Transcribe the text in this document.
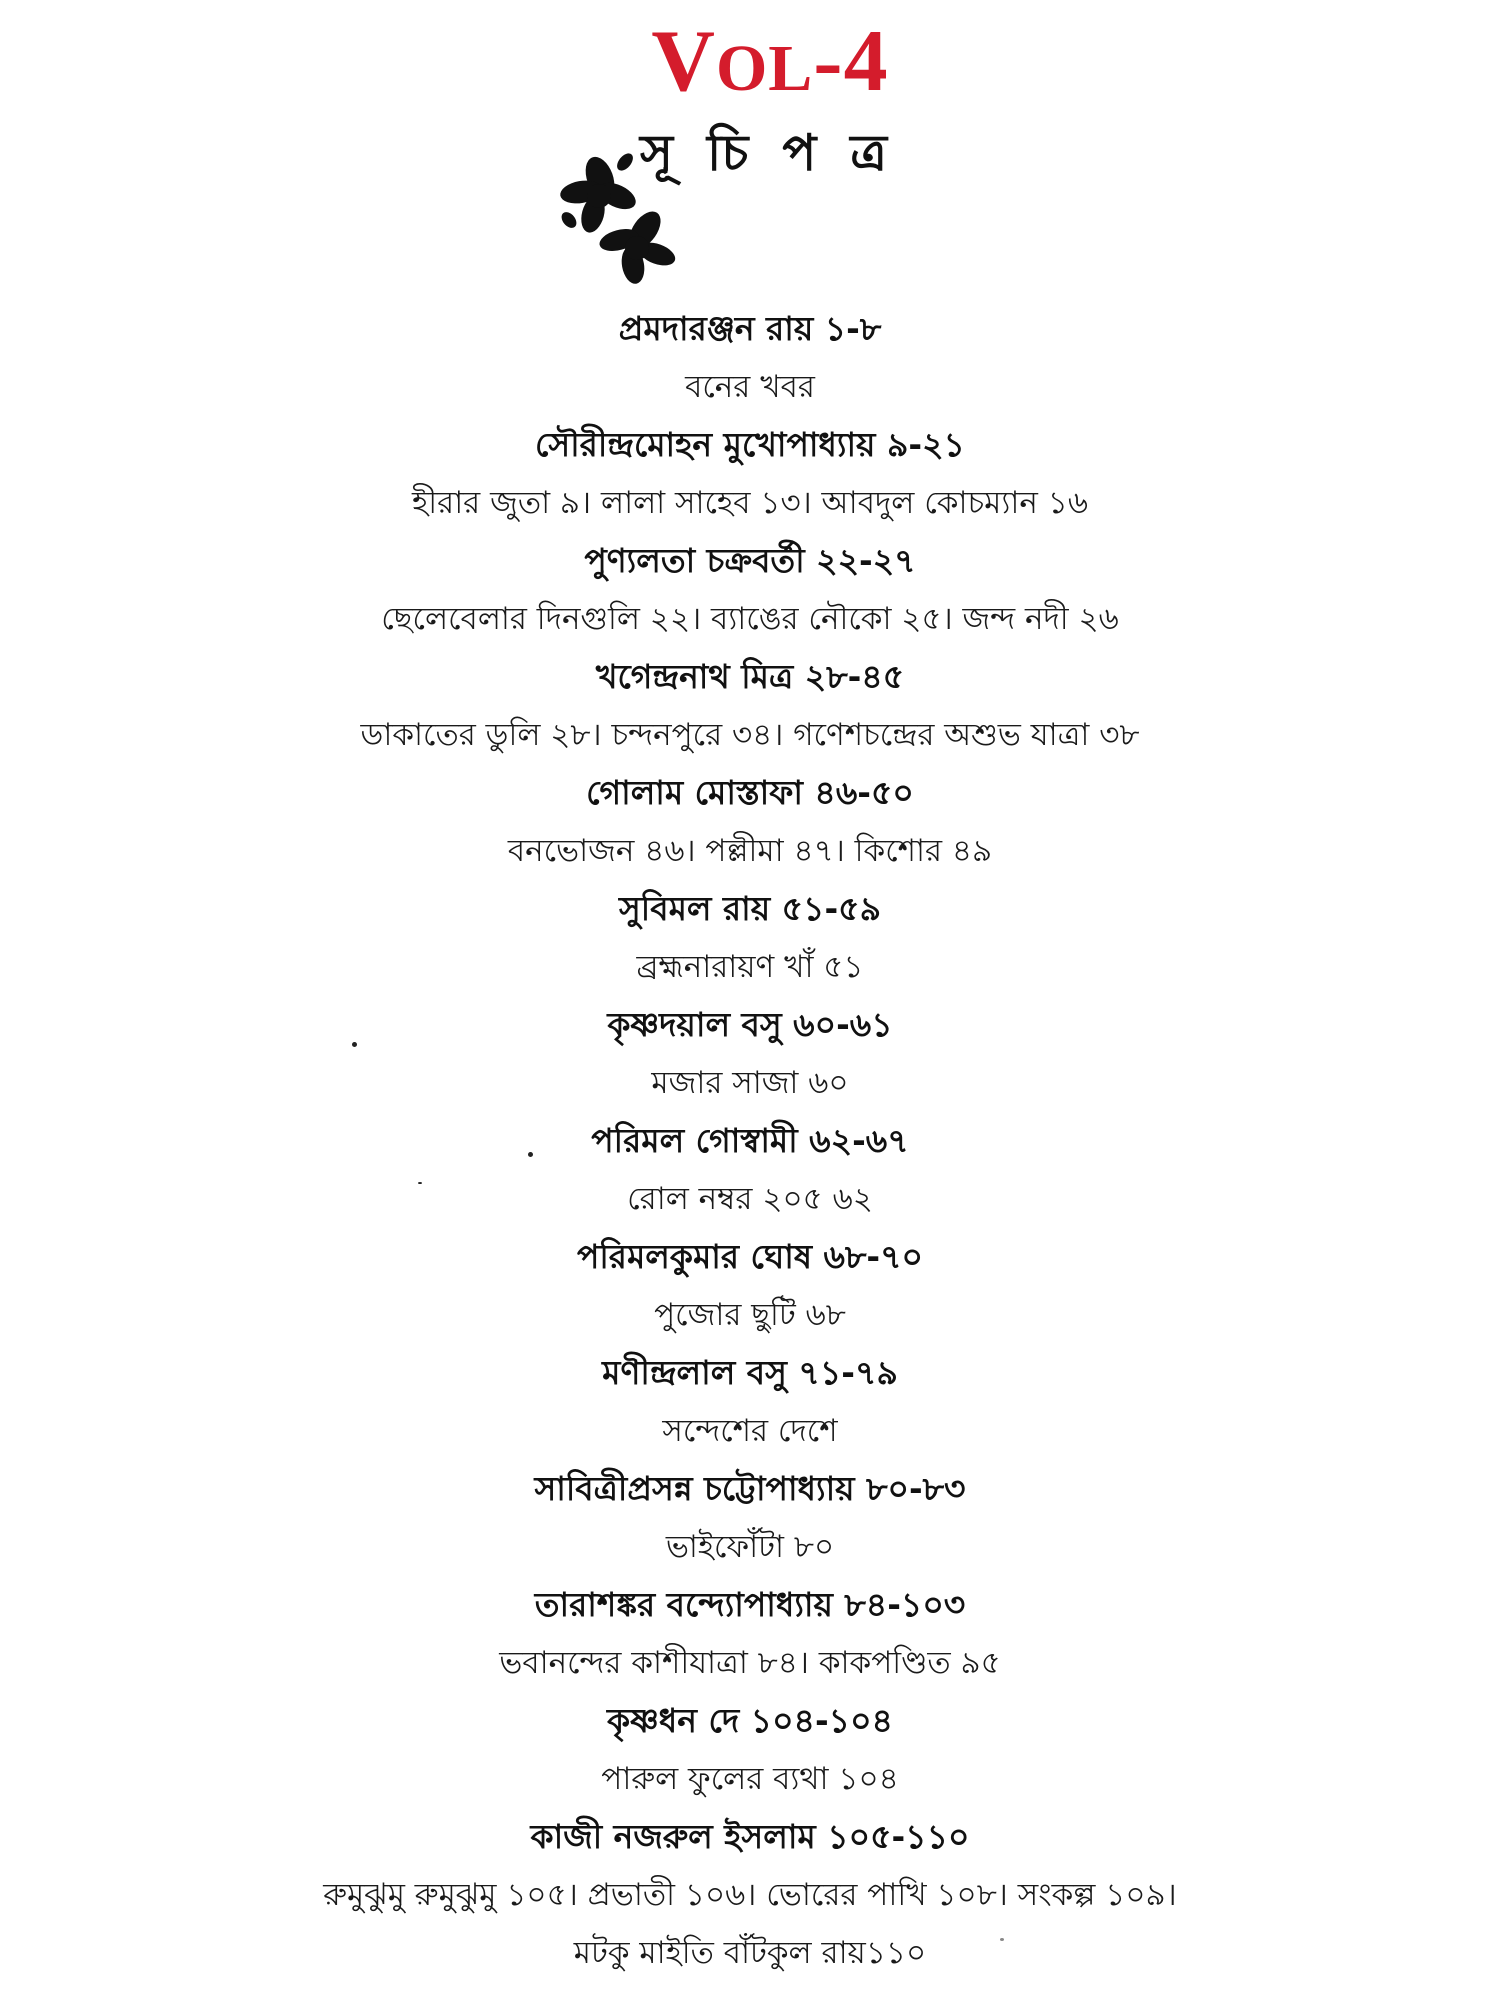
VOL-4
সূচিপত্র

প্রমদারঞ্জন রায় ১-৮

বনের খবর

সৌরীন্দ্রমোহন মুখোপাধ্যায় ৯-২১

হীরার জুতা ৯। লালা সাহেব ১৩। আবদুল কোচম্যান ১৬

পুণ্যলতা চক্রবর্তী ২২-২৭

ছেলেবেলার দিনগুলি ২২। ব্যাঙের নৌকো ২৫। জন্দ নদী ২৬

খগেন্দ্রনাথ মিত্র ২৮-৪৫

ডাকাতের ডুলি ২৮। চন্দনপুরে ৩৪। গণেশচন্দ্রের অশুভ যাত্রা ৩৮

গোলাম মোস্তাফা ৪৬-৫০

বনভোজন ৪৬। পল্লীমা ৪৭। কিশোর ৪৯

সুবিমল রায় ৫১-৫৯

ব্রহ্মনারায়ণ খাঁ ৫১

কৃষ্ণদয়াল বসু ৬০-৬১

মজার সাজা ৬০

পরিমল গোস্বামী ৬২-৬৭

রোল নম্বর ২০৫ ৬২

পরিমলকুমার ঘোষ ৬৮-৭০

পুজোর ছুটি ৬৮

মণীন্দ্রলাল বসু ৭১-৭৯

সন্দেশের দেশে

সাবিত্রীপ্রসন্ন চট্টোপাধ্যায় ৮০-৮৩

ভাইফোঁটা ৮০

তারাশঙ্কর বন্দ্যোপাধ্যায় ৮৪-১০৩

ভবানন্দের কাশীযাত্রা ৮৪। কাকপণ্ডিত ৯৫

কৃষ্ণধন দে ১০৪-১০৪

পারুল ফুলের ব্যথা ১০৪

কাজী নজরুল ইসলাম ১০৫-১১০

রুমুঝুমু রুমুঝুমু ১০৫। প্রভাতী ১০৬। ভোরের পাখি ১০৮। সংকল্প ১০৯।

মটকু মাইতি বাঁটকুল রায়১১০
